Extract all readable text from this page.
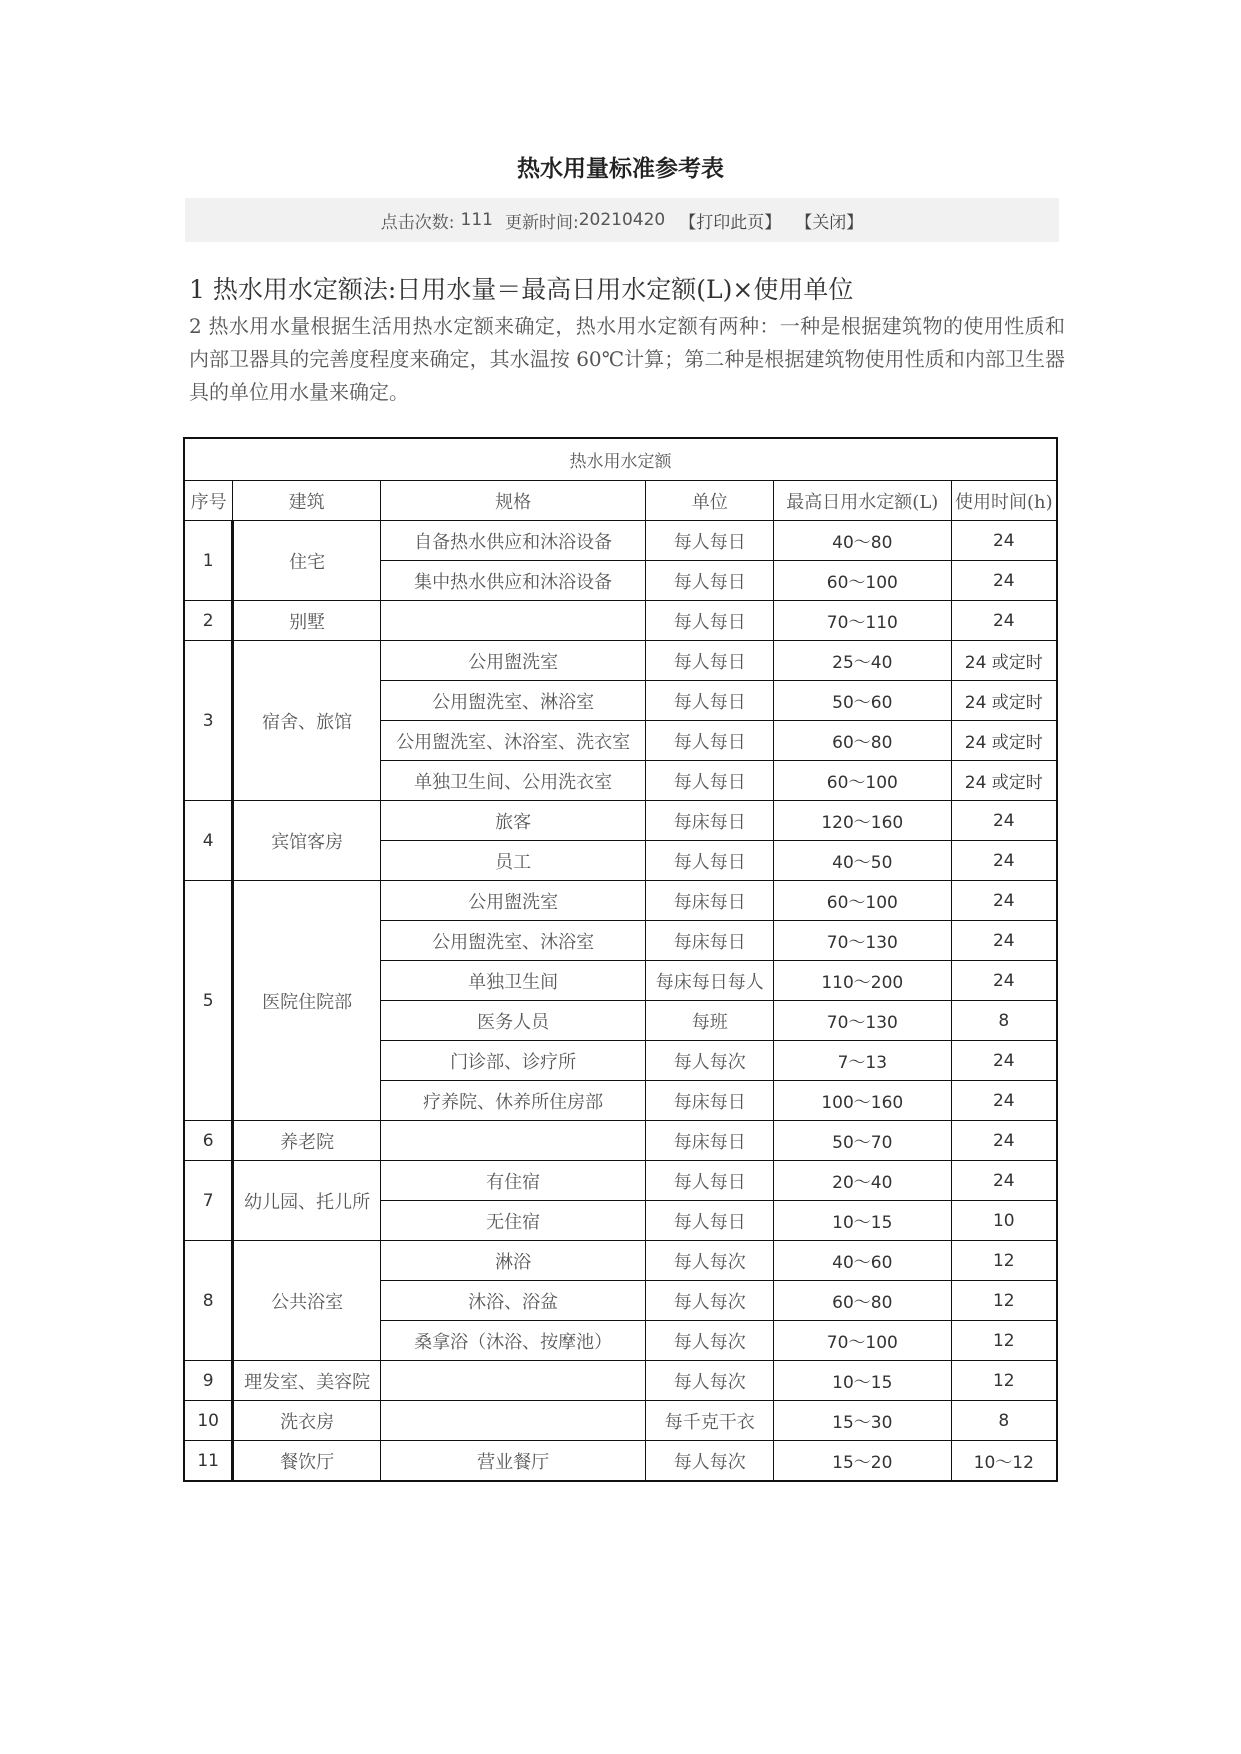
热水用量标准参考表
点击次数: 111 更新时间: 20210420 【打印此页】 【关闭】
1 热水用水定额法:日用水量＝最高日用水定额(L)×使用单位
2 热水用水量根据生活用热水定额来确定，热水用水定额有两种：一种是根据建筑物的使用性质和内部卫器具的完善度程度来确定，其水温按 60℃计算；第二种是根据建筑物使用性质和内部卫生器具的单位用水量来确定。
热水用水定额					
序号	建筑	规格	单位	最高日用水定额(L)	使用时间(h)
1	住宅	自备热水供应和沐浴设备	每人每日	40～80	24
		集中热水供应和沐浴设备	每人每日	60～100	24
2	别墅		每人每日	70～110	24
3	宿舍、旅馆	公用盥洗室	每人每日	25～40	24 或定时
		公用盥洗室、淋浴室	每人每日	50～60	24 或定时
		公用盥洗室、沐浴室、洗衣室	每人每日	60～80	24 或定时
		单独卫生间、公用洗衣室	每人每日	60～100	24 或定时
4	宾馆客房	旅客	每床每日	120～160	24
		员工	每人每日	40～50	24
5	医院住院部	公用盥洗室	每床每日	60～100	24
		公用盥洗室、沐浴室	每床每日	70～130	24
		单独卫生间	每床每日每人	110～200	24
		医务人员	每班	70～130	8
		门诊部、诊疗所	每人每次	7～13	24
		疗养院、休养所住房部	每床每日	100～160	24
6	养老院		每床每日	50～70	24
7	幼儿园、托儿所	有住宿	每人每日	20～40	24
		无住宿	每人每日	10～15	10
8	公共浴室	淋浴	每人每次	40～60	12
		沐浴、浴盆	每人每次	60～80	12
		桑拿浴（沐浴、按摩池）	每人每次	70～100	12
9	理发室、美容院		每人每次	10～15	12
10	洗衣房		每千克干衣	15～30	8
11	餐饮厅	营业餐厅	每人每次	15～20	10～12
